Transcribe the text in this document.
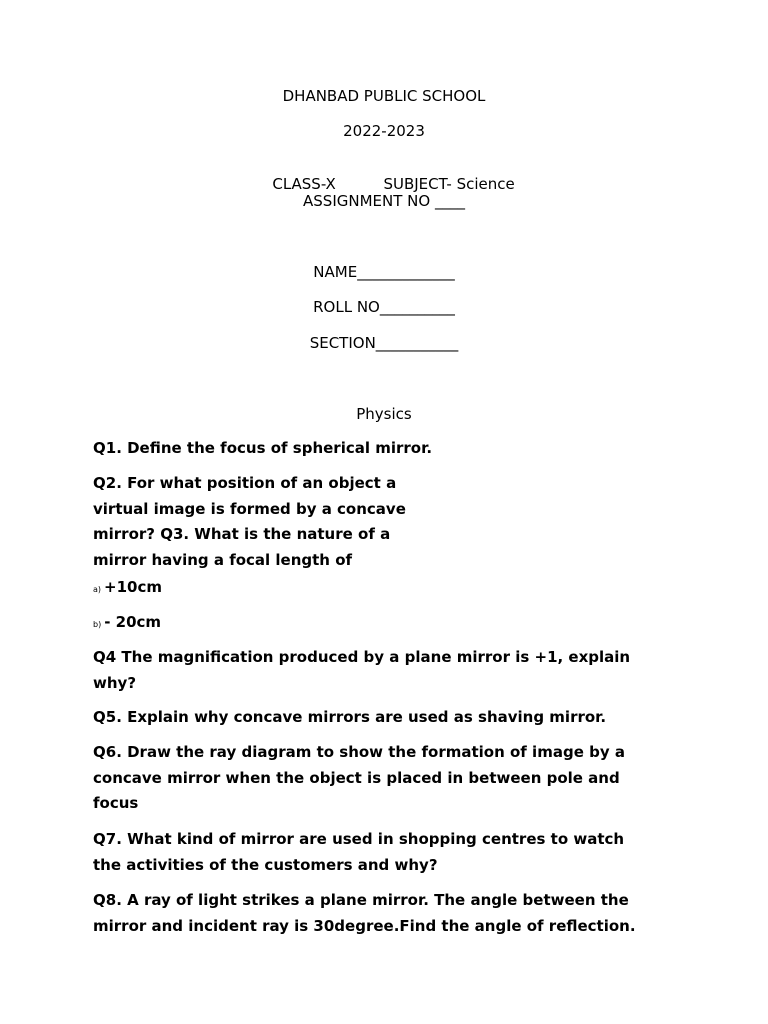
DHANBAD PUBLIC SCHOOL
2022-2023

CLASS-X	SUBJECT- Science

ASSIGNMENT NO ____
NAME_____________
ROLL NO__________
SECTION___________
Physics
Q1. Define the focus of spherical mirror.
Q2. For what position of an object a
virtual image is formed by a concave
mirror? Q3. What is the nature of a
mirror having a focal length of
a) +10cm
b) - 20cm
Q4 The magnification produced by a plane mirror is +1, explain
why?
Q5. Explain why concave mirrors are used as shaving mirror.
Q6. Draw the ray diagram to show the formation of image by a
concave mirror when the object is placed in between pole and
focus
Q7. What kind of mirror are used in shopping centres to watch
the activities of the customers and why?
Q8. A ray of light strikes a plane mirror. The angle between the
mirror and incident ray is 30degree.Find the angle of reflection.
